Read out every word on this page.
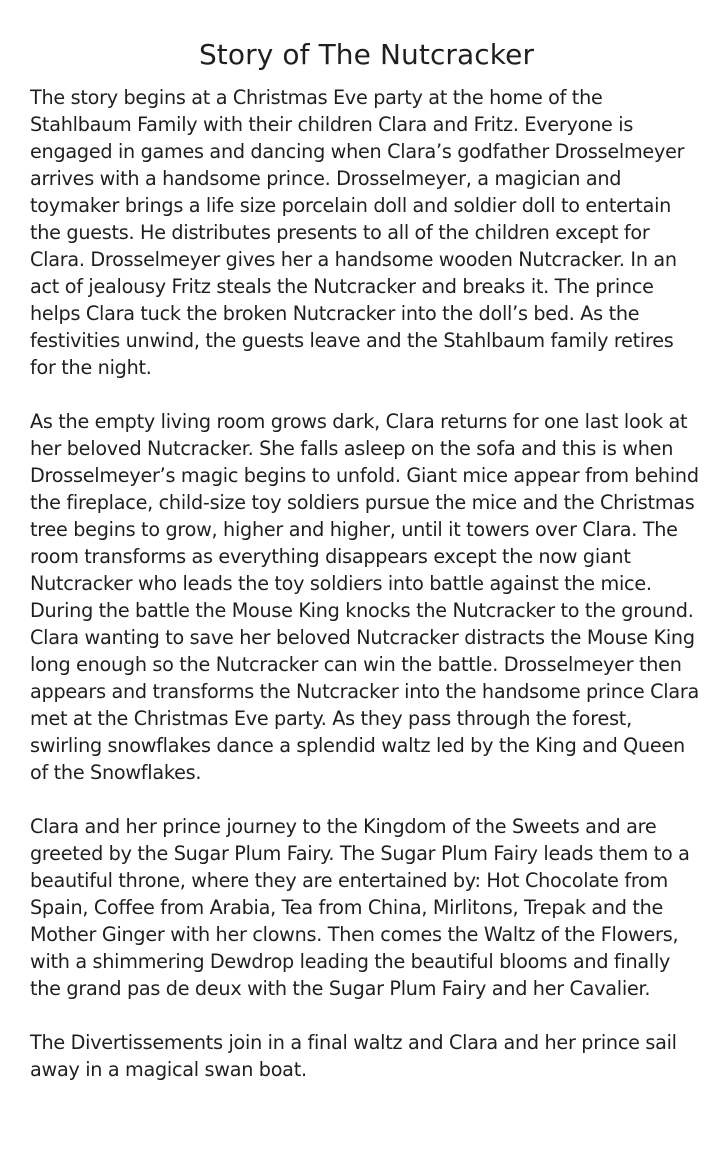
Story of The Nutcracker

The story begins at a Christmas Eve party at the home of the Stahlbaum Family with their children Clara and Fritz. Everyone is engaged in games and dancing when Clara’s godfather Drosselmeyer arrives with a handsome prince. Drosselmeyer, a magician and toymaker brings a life size porcelain doll and soldier doll to entertain the guests. He distributes presents to all of the children except for Clara. Drosselmeyer gives her a handsome wooden Nutcracker. In an act of jealousy Fritz steals the Nutcracker and breaks it. The prince helps Clara tuck the broken Nutcracker into the doll’s bed. As the festivities unwind, the guests leave and the Stahlbaum family retires for the night.

As the empty living room grows dark, Clara returns for one last look at her beloved Nutcracker. She falls asleep on the sofa and this is when Drosselmeyer’s magic begins to unfold. Giant mice appear from behind the fireplace, child-size toy soldiers pursue the mice and the Christmas tree begins to grow, higher and higher, until it towers over Clara. The room transforms as everything disappears except the now giant Nutcracker who leads the toy soldiers into battle against the mice. During the battle the Mouse King knocks the Nutcracker to the ground. Clara wanting to save her beloved Nutcracker distracts the Mouse King long enough so the Nutcracker can win the battle. Drosselmeyer then appears and transforms the Nutcracker into the handsome prince Clara met at the Christmas Eve party. As they pass through the forest, swirling snowflakes dance a splendid waltz led by the King and Queen of the Snowflakes.

Clara and her prince journey to the Kingdom of the Sweets and are greeted by the Sugar Plum Fairy. The Sugar Plum Fairy leads them to a beautiful throne, where they are entertained by: Hot Chocolate from Spain, Coffee from Arabia, Tea from China, Mirlitons, Trepak and the Mother Ginger with her clowns. Then comes the Waltz of the Flowers, with a shimmering Dewdrop leading the beautiful blooms and finally the grand pas de deux with the Sugar Plum Fairy and her Cavalier.

The Divertissements join in a final waltz and Clara and her prince sail away in a magical swan boat.
